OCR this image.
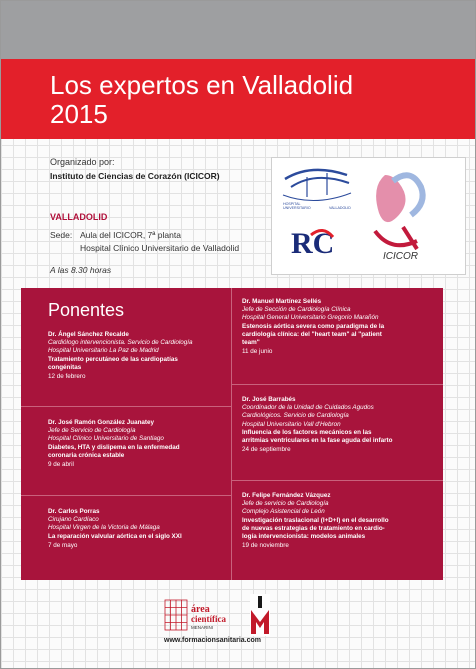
Los expertos en Valladolid
2015
Organizado por:
Instituto de Ciencias de Corazón (ICICOR)
VALLADOLID
Sede: Aula del ICICOR, 7ª planta
Hospital Clínico Universitario de Valladolid
A las 8.30 horas
HOSPITAL
UNIVERSITARIO	VALLADOLID
RC	ICICOR
Ponentes
Dr. Ángel Sánchez Recalde
Cardiólogo intervencionista. Servicio de Cardiología
Hospital Universitario La Paz de Madrid
Tratamiento percutáneo de las cardiopatías
congénitas
12 de febrero
Dr. José Ramón González Juanatey
Jefe de Servicio de Cardiología
Hospital Clínico Universitario de Santiago
Diabetes, HTA y dislipema en la enfermedad
coronaria crónica estable
9 de abril
Dr. Carlos Porras
Cirujano Cardíaco
Hospital Virgen de la Victoria de Málaga
La reparación valvular aórtica en el siglo XXI
7 de mayo
Dr. Manuel Martínez Sellés
Jefe de Sección de Cardiología Clínica
Hospital General Universitario Gregorio Marañón
Estenosis aórtica severa como paradigma de la
cardiología clínica: del "heart team" al "patient
team"
11 de junio
Dr. José Barrabés
Coordinador de la Unidad de Cuidados Agudos
Cardiológicos. Servicio de Cardiología
Hospital Universitario Vall d'Hebron
Influencia de los factores mecánicos en las
arritmias ventriculares en la fase aguda del infarto
24 de septiembre
Dr. Felipe Fernández Vázquez
Jefe de servicio de Cardiología
Complejo Asistencial de León
Investigación traslacional (I+D+I) en el desarrollo
de nuevas estrategias de tratamiento en cardio-
logía intervencionista: modelos animales
19 de noviembre
área
científica
MENARINI
www.formacionsanitaria.com
